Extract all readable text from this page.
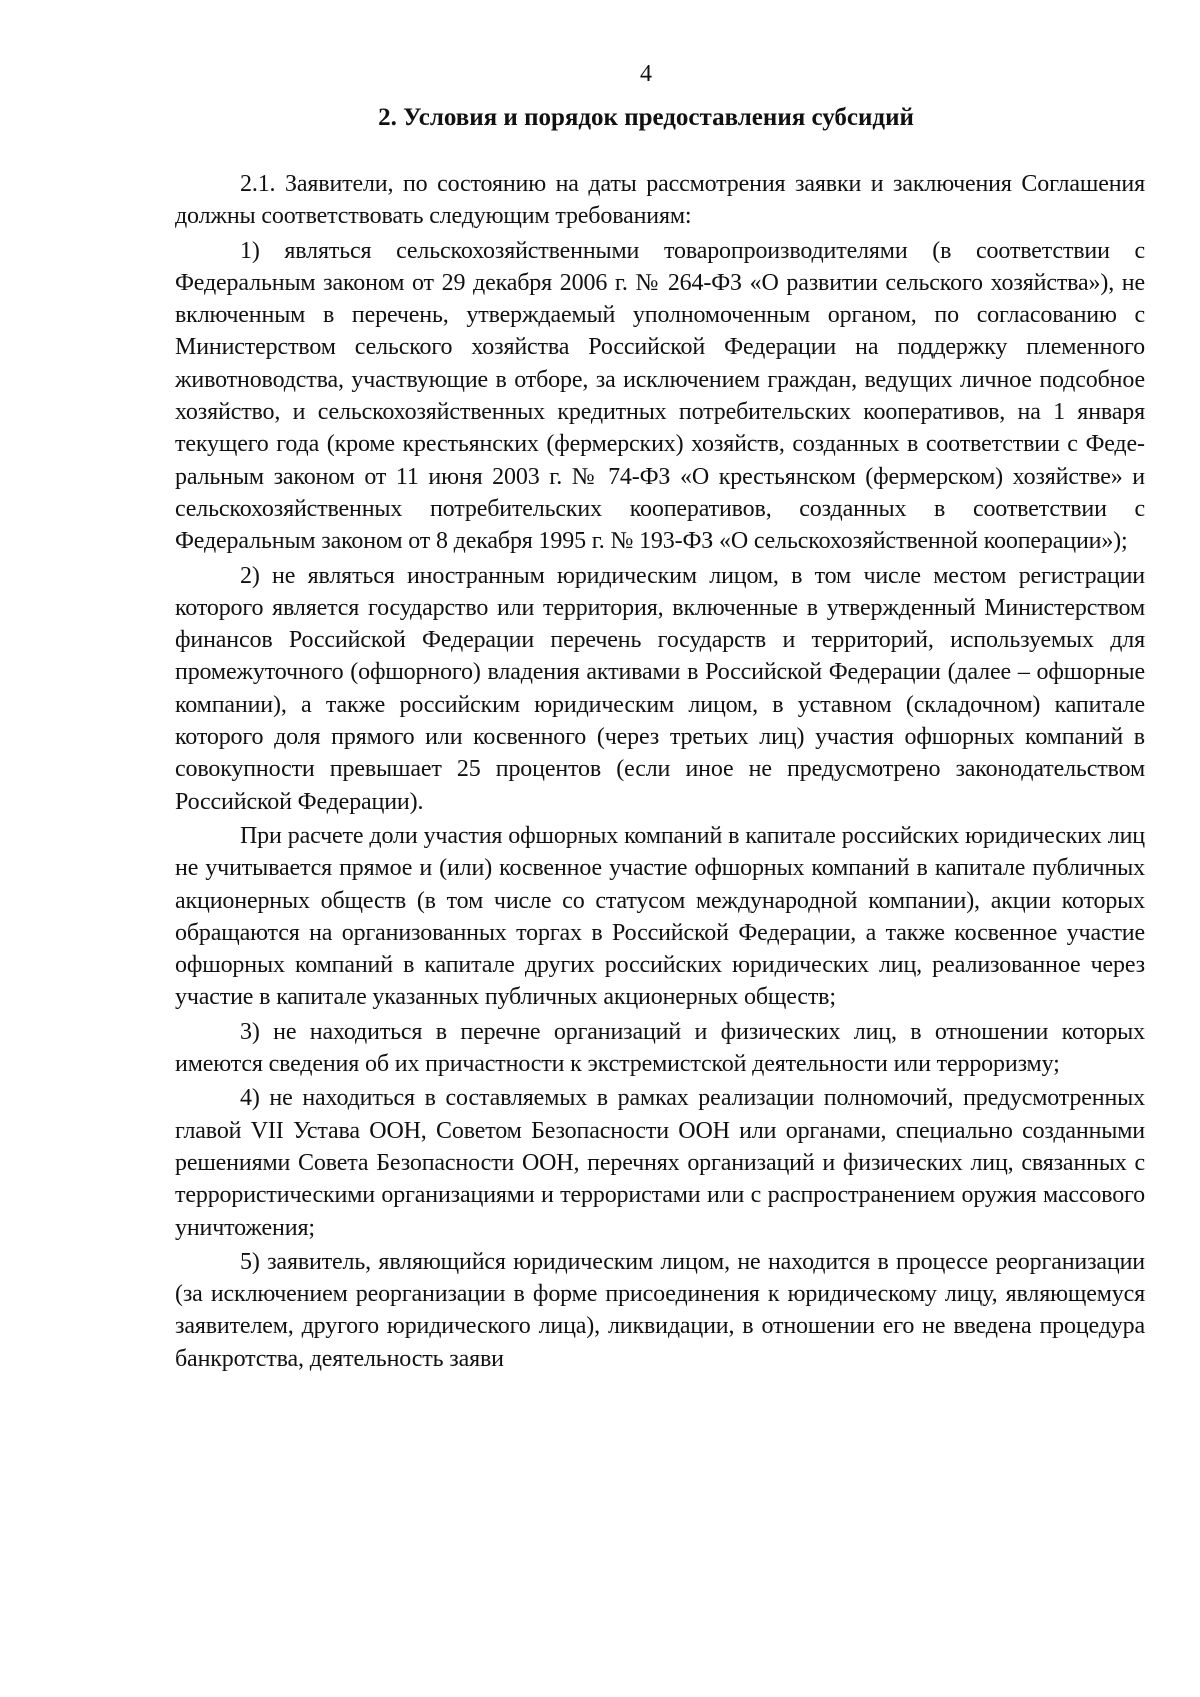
4
2. Условия и порядок предоставления субсидий

2.1. Заявители, по состоянию на даты рассмотрения заявки и заключения Соглашения должны соответствовать следующим требованиям:

1) являться сельскохозяйственными товаропроизводителями (в соответствии с Федеральным законом от 29 декабря 2006 г. № 264-ФЗ «О развитии сельского хозяйства»), не включенным в перечень, утверждаемый уполномоченным органом, по согласованию с Министерством сельского хозяйства Российской Федерации на поддержку племенного животноводства, участвующие в отборе, за исключением граждан, ведущих личное подсобное хозяйство, и сельскохозяйственных кредитных потребительских кооперативов, на 1 января текущего года (кроме крестьянских (фермерских) хозяйств, созданных в соответствии с Федеральным законом от 11 июня 2003 г. № 74-ФЗ «О крестьянском (фермерском) хозяйстве» и сельскохозяйственных потребительских кооперативов, созданных в соответствии с Федеральным законом от 8 декабря 1995 г. № 193-ФЗ «О сельскохозяйственной кооперации»);

2) не являться иностранным юридическим лицом, в том числе местом регистрации которого является государство или территория, включенные в утвержденный Министерством финансов Российской Федерации перечень государств и территорий, используемых для промежуточного (офшорного) владения активами в Российской Федерации (далее – офшорные компании), а также российским юридическим лицом, в уставном (складочном) капитале которого доля прямого или косвенного (через третьих лиц) участия офшорных компаний в совокупности превышает 25 процентов (если иное не предусмотрено законодательством Российской Федерации).

При расчете доли участия офшорных компаний в капитале российских юридических лиц не учитывается прямое и (или) косвенное участие офшорных компаний в капитале публичных акционерных обществ (в том числе со статусом международной компании), акции которых обращаются на организованных торгах в Российской Федерации, а также косвенное участие офшорных компаний в капитале других российских юридических лиц, реализованное через участие в капитале указанных публичных акционерных обществ;

3) не находиться в перечне организаций и физических лиц, в отношении которых имеются сведения об их причастности к экстремистской деятельности или терроризму;

4) не находиться в составляемых в рамках реализации полномочий, предусмотренных главой VII Устава ООН, Советом Безопасности ООН или органами, специально созданными решениями Совета Безопасности ООН, перечнях организаций и физических лиц, связанных с террористическими организациями и террористами или с распространением оружия массового уничтожения;

5) заявитель, являющийся юридическим лицом, не находится в процессе реорганизации (за исключением реорганизации в форме присоединения к юридическому лицу, являющемуся заявителем, другого юридического лица), ликвидации, в отношении его не введена процедура банкротства, деятельность заяви
